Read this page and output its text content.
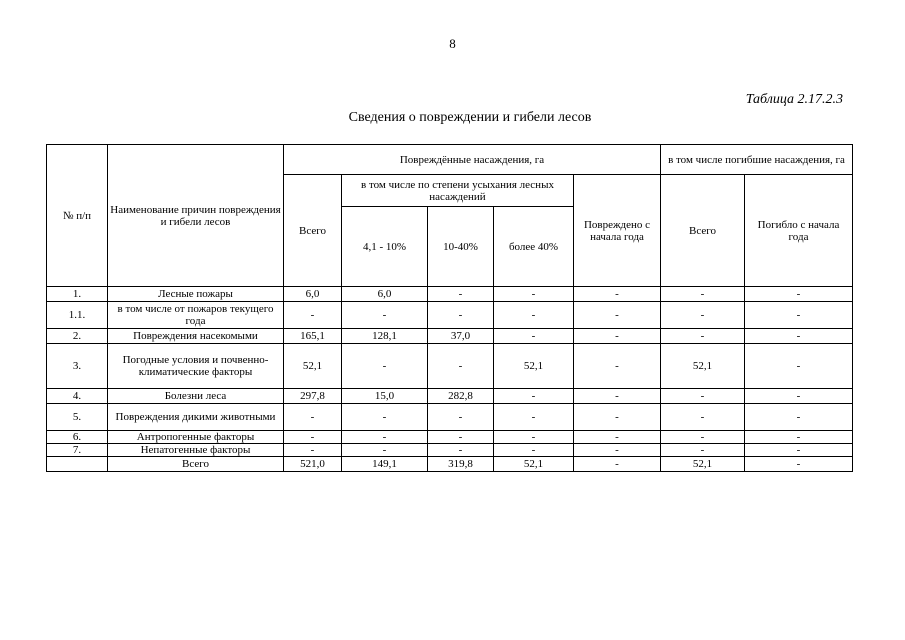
8
Таблица 2.17.2.3
Сведения о повреждении и гибели лесов
№ п/п	Наименование причин повреждения и гибели лесов	Повреждённые насаждения, га					в том числе погибшие насаждения, га	
		Всего	в том числе по степени усыхания лесных насаждений			Повреждено с начала года	Всего	Погибло с начала года
			4,1 - 10%	10-40%	более 40%			
1.	Лесные пожары	6,0	6,0	-	-	-	-	-
1.1.	в том числе от пожаров текущего года	-	-	-	-	-	-	-
2.	Повреждения насекомыми	165,1	128,1	37,0	-	-	-	-
3.	Погодные условия и почвенно-климатические факторы	52,1	-	-	52,1	-	52,1	-
4.	Болезни леса	297,8	15,0	282,8	-	-	-	-
5.	Повреждения дикими животными	-	-	-	-	-	-	-
6.	Антропогенные факторы	-	-	-	-	-	-	-
7.	Непатогенные факторы	-	-	-	-	-	-	-
	Всего	521,0	149,1	319,8	52,1	-	52,1	-
